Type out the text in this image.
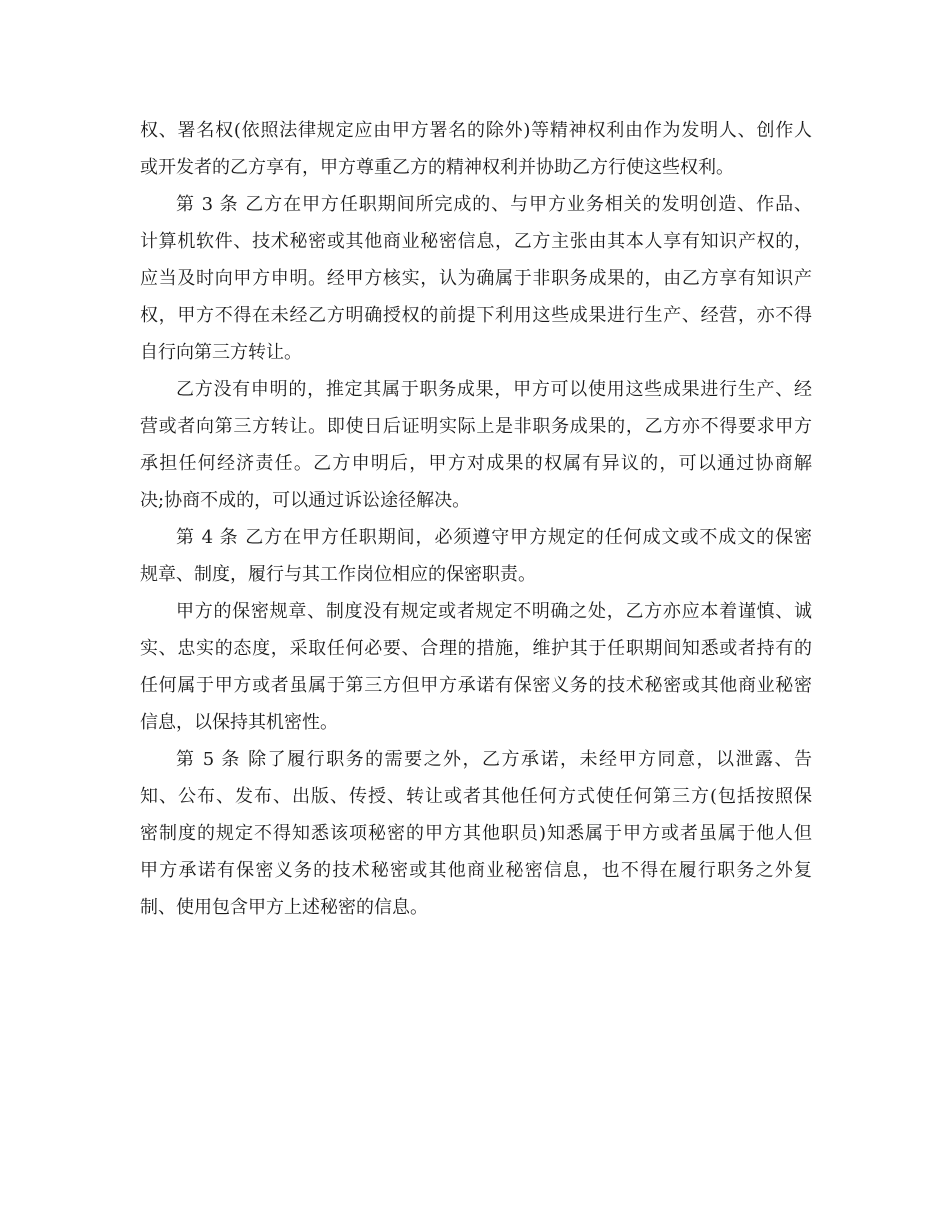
权、署名权(依照法律规定应由甲方署名的除外)等精神权利由作为发明人、创作人
或开发者的乙方享有，甲方尊重乙方的精神权利并协助乙方行使这些权利。
第 3 条 乙方在甲方任职期间所完成的、与甲方业务相关的发明创造、作品、
计算机软件、技术秘密或其他商业秘密信息，乙方主张由其本人享有知识产权的，
应当及时向甲方申明。经甲方核实，认为确属于非职务成果的，由乙方享有知识产
权，甲方不得在未经乙方明确授权的前提下利用这些成果进行生产、经营，亦不得
自行向第三方转让。
乙方没有申明的，推定其属于职务成果，甲方可以使用这些成果进行生产、经
营或者向第三方转让。即使日后证明实际上是非职务成果的，乙方亦不得要求甲方
承担任何经济责任。乙方申明后，甲方对成果的权属有异议的，可以通过协商解
决;协商不成的，可以通过诉讼途径解决。
第 4 条 乙方在甲方任职期间，必须遵守甲方规定的任何成文或不成文的保密
规章、制度，履行与其工作岗位相应的保密职责。
甲方的保密规章、制度没有规定或者规定不明确之处，乙方亦应本着谨慎、诚
实、忠实的态度，采取任何必要、合理的措施，维护其于任职期间知悉或者持有的
任何属于甲方或者虽属于第三方但甲方承诺有保密义务的技术秘密或其他商业秘密
信息，以保持其机密性。
第 5 条 除了履行职务的需要之外，乙方承诺，未经甲方同意，以泄露、告
知、公布、发布、出版、传授、转让或者其他任何方式使任何第三方(包括按照保
密制度的规定不得知悉该项秘密的甲方其他职员)知悉属于甲方或者虽属于他人但
甲方承诺有保密义务的技术秘密或其他商业秘密信息，也不得在履行职务之外复
制、使用包含甲方上述秘密的信息。
